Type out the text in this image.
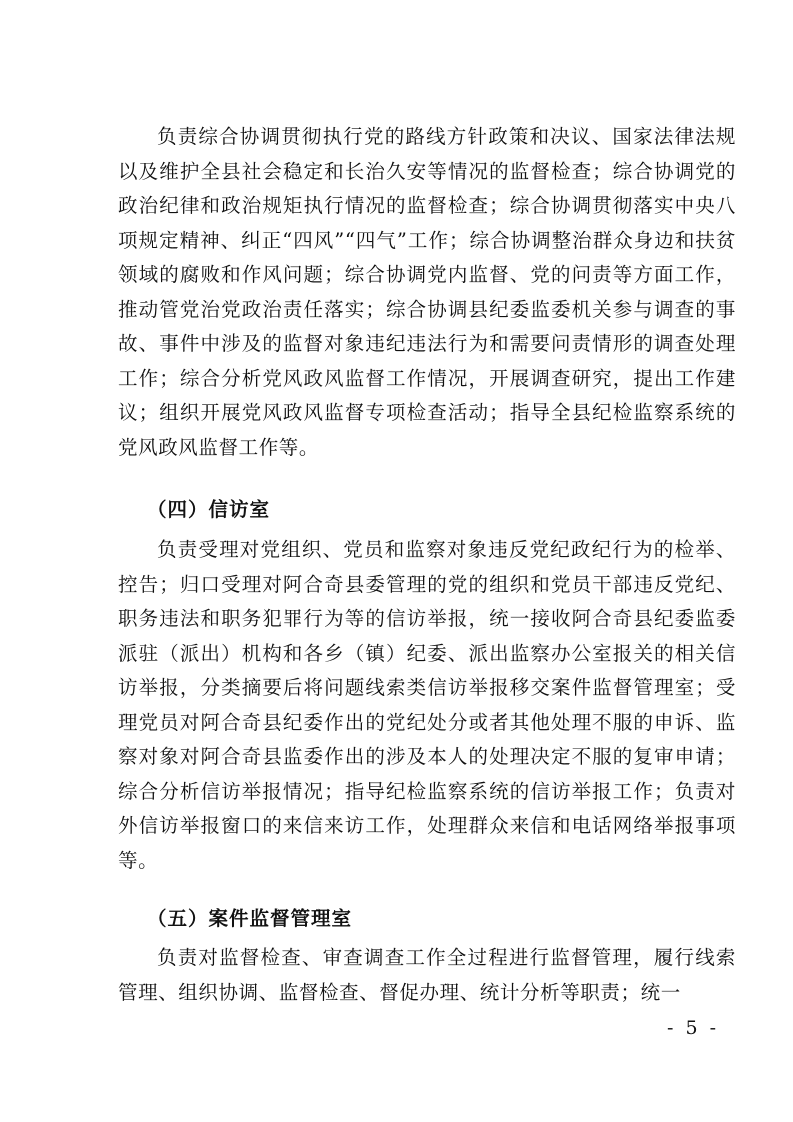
负责综合协调贯彻执行党的路线方针政策和决议、国家法律法规以及维护全县社会稳定和长治久安等情况的监督检查；综合协调党的政治纪律和政治规矩执行情况的监督检查；综合协调贯彻落实中央八项规定精神、纠正“四风”“四气”工作；综合协调整治群众身边和扶贫领域的腐败和作风问题；综合协调党内监督、党的问责等方面工作，推动管党治党政治责任落实；综合协调县纪委监委机关参与调查的事故、事件中涉及的监督对象违纪违法行为和需要问责情形的调查处理工作；综合分析党风政风监督工作情况，开展调查研究，提出工作建议；组织开展党风政风监督专项检查活动；指导全县纪检监察系统的党风政风监督工作等。

（四）信访室

负责受理对党组织、党员和监察对象违反党纪政纪行为的检举、控告；归口受理对阿合奇县委管理的党的组织和党员干部违反党纪、职务违法和职务犯罪行为等的信访举报，统一接收阿合奇县纪委监委派驻（派出）机构和各乡（镇）纪委、派出监察办公室报关的相关信访举报，分类摘要后将问题线索类信访举报移交案件监督管理室；受理党员对阿合奇县纪委作出的党纪处分或者其他处理不服的申诉、监察对象对阿合奇县监委作出的涉及本人的处理决定不服的复审申请；综合分析信访举报情况；指导纪检监察系统的信访举报工作；负责对外信访举报窗口的来信来访工作，处理群众来信和电话网络举报事项等。

（五）案件监督管理室

负责对监督检查、审查调查工作全过程进行监督管理，履行线索管理、组织协调、监督检查、督促办理、统计分析等职责；统一

- 5 -
